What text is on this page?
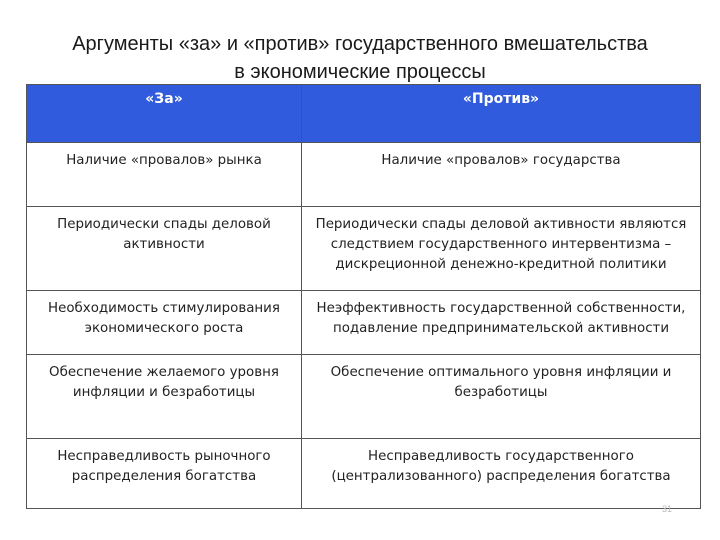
Аргументы «за» и «против» государственного вмешательства
в экономические процессы
«За»	«Против»
Наличие «провалов» рынка	Наличие «провалов» государства
Периодически спады деловой активности	Периодически спады деловой активности являются следствием государственного интервентизма – дискреционной денежно-кредитной политики
Необходимость стимулирования экономического роста	Неэффективность государственной собственности, подавление предпринимательской активности
Обеспечение желаемого уровня инфляции и безработицы	Обеспечение оптимального уровня инфляции и безработицы
Несправедливость рыночного распределения богатства	Несправедливость государственного (централизованного) распределения богатства
31
